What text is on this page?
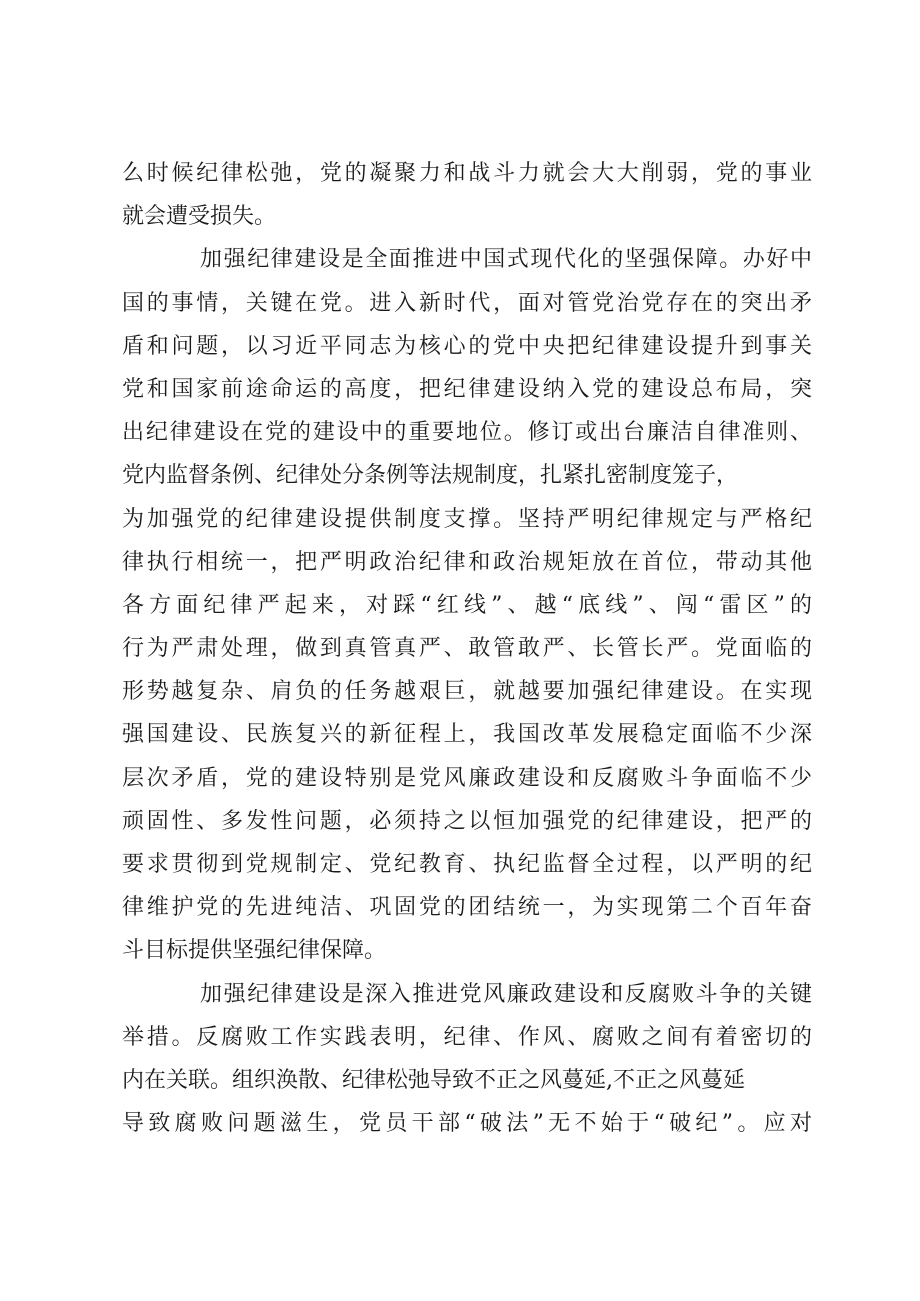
么时候纪律松弛，党的凝聚力和战斗力就会大大削弱，党的事业
就会遭受损失。

加强纪律建设是全面推进中国式现代化的坚强保障。办好中
国的事情，关键在党。进入新时代，面对管党治党存在的突出矛
盾和问题，以习近平同志为核心的党中央把纪律建设提升到事关
党和国家前途命运的高度，把纪律建设纳入党的建设总布局，突
出纪律建设在党的建设中的重要地位。修订或出台廉洁自律准则、
党内监督条例、纪律处分条例等法规制度，扎紧扎密制度笼子，
为加强党的纪律建设提供制度支撑。坚持严明纪律规定与严格纪
律执行相统一，把严明政治纪律和政治规矩放在首位，带动其他
各方面纪律严起来，对踩“红线”、越“底线”、闯“雷区”的
行为严肃处理，做到真管真严、敢管敢严、长管长严。党面临的
形势越复杂、肩负的任务越艰巨，就越要加强纪律建设。在实现
强国建设、民族复兴的新征程上，我国改革发展稳定面临不少深
层次矛盾，党的建设特别是党风廉政建设和反腐败斗争面临不少
顽固性、多发性问题，必须持之以恒加强党的纪律建设，把严的
要求贯彻到党规制定、党纪教育、执纪监督全过程，以严明的纪
律维护党的先进纯洁、巩固党的团结统一，为实现第二个百年奋
斗目标提供坚强纪律保障。

加强纪律建设是深入推进党风廉政建设和反腐败斗争的关键
举措。反腐败工作实践表明，纪律、作风、腐败之间有着密切的
内在关联。组织涣散、纪律松弛导致不正之风蔓延,不正之风蔓延
导致腐败问题滋生，党员干部“破法”无不始于“破纪”。应对
